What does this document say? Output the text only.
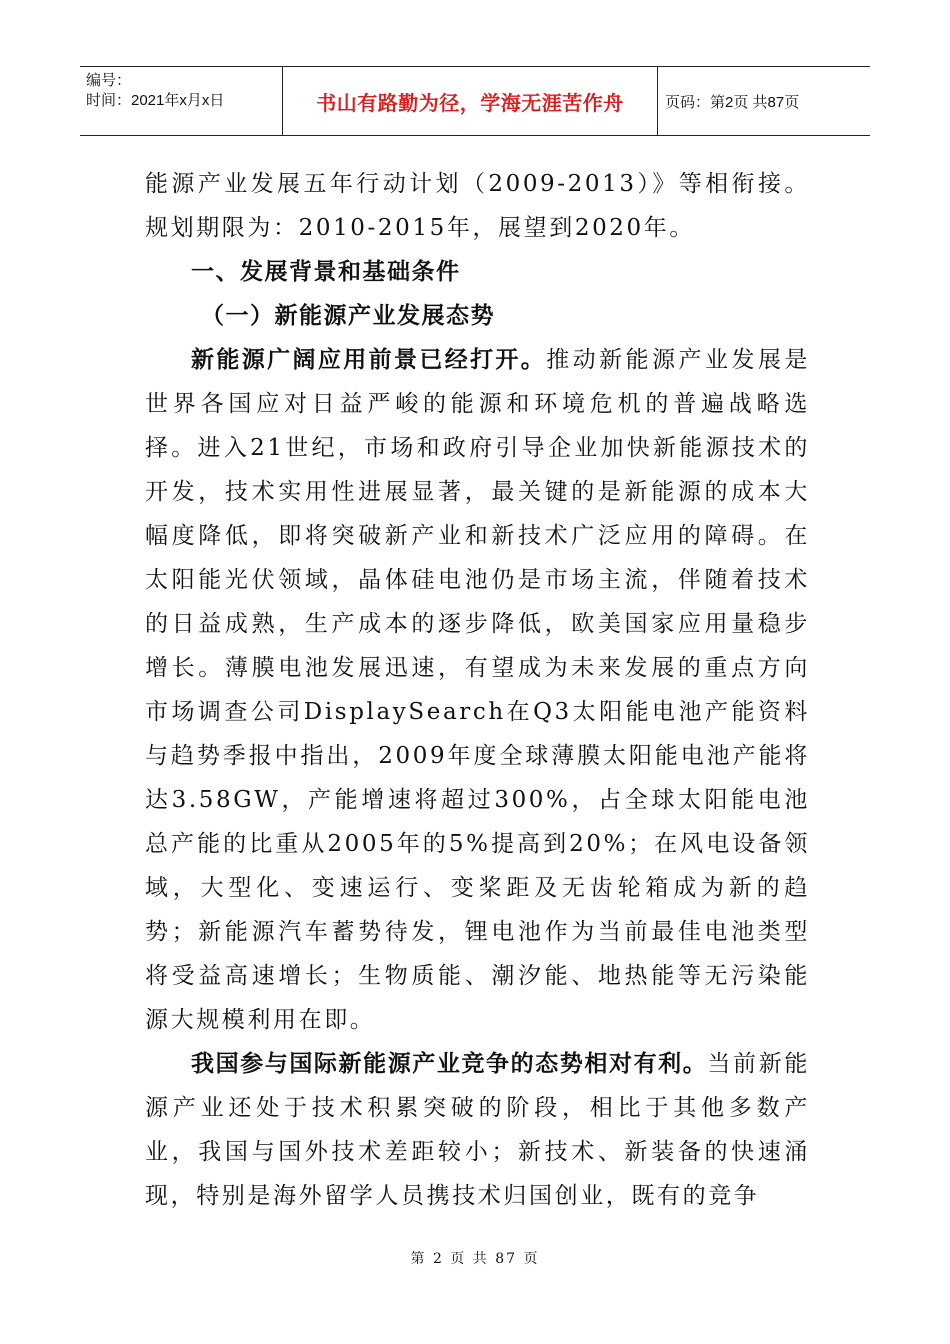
编号：
时间：2021年x月x日	书山有路勤为径，学海无涯苦作舟	页码：第2页 共87页

能源产业发展五年行动计划（2009-2013）》等相衔接。规划期限为：2010-2015年，展望到2020年。

一、发展背景和基础条件

（一）新能源产业发展态势

新能源广阔应用前景已经打开。推动新能源产业发展是世界各国应对日益严峻的能源和环境危机的普遍战略选择。进入21世纪，市场和政府引导企业加快新能源技术的开发，技术实用性进展显著，最关键的是新能源的成本大幅度降低，即将突破新产业和新技术广泛应用的障碍。在太阳能光伏领域，晶体硅电池仍是市场主流，伴随着技术的日益成熟，生产成本的逐步降低，欧美国家应用量稳步增长。薄膜电池发展迅速，有望成为未来发展的重点方向市场调查公司DisplaySearch在Q3太阳能电池产能资料与趋势季报中指出，2009年度全球薄膜太阳能电池产能将达3.58GW，产能增速将超过300%，占全球太阳能电池总产能的比重从2005年的5%提高到20%；在风电设备领域，大型化、变速运行、变桨距及无齿轮箱成为新的趋势；新能源汽车蓄势待发，锂电池作为当前最佳电池类型将受益高速增长；生物质能、潮汐能、地热能等无污染能源大规模利用在即。

我国参与国际新能源产业竞争的态势相对有利。当前新能源产业还处于技术积累突破的阶段，相比于其他多数产业，我国与国外技术差距较小；新技术、新装备的快速涌现，特别是海外留学人员携技术归国创业，既有的竞争

第 2 页 共 87 页
